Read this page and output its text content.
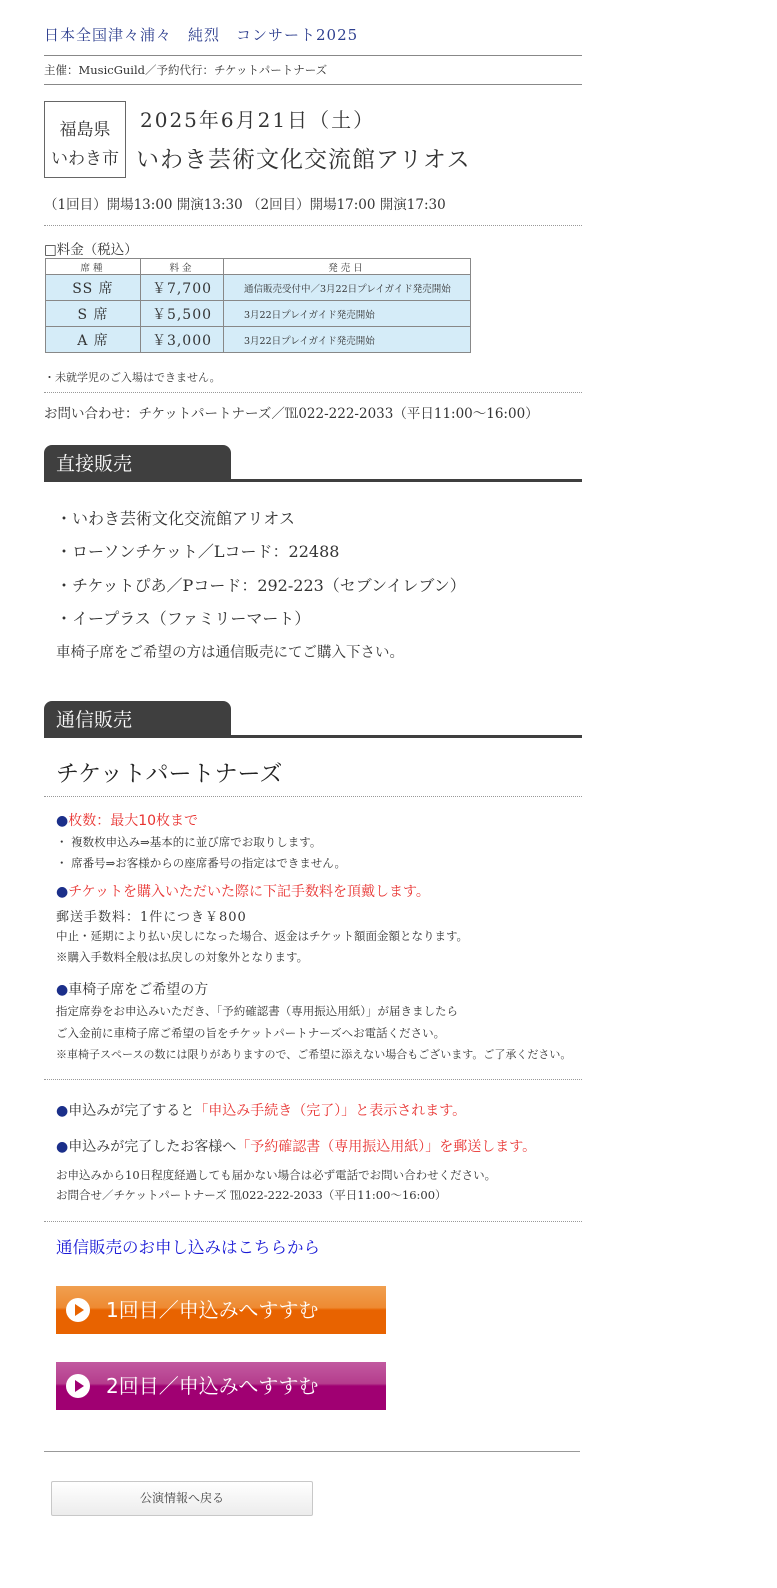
日本全国津々浦々　純烈　コンサート2025
主催：MusicGuild／予約代行：チケットパートナーズ
福島県
いわき市
2025年6月21日（土）
いわき芸術文化交流館アリオス
（1回目）開場13:00 開演13:30 （2回目）開場17:00 開演17:30
□料金（税込）
席種	料金	発売日
SS 席	￥7,700	通信販売受付中／3月22日プレイガイド発売開始
S 席	￥5,500	3月22日プレイガイド発売開始
A 席	￥3,000	3月22日プレイガイド発売開始
・未就学児のご入場はできません。
お問い合わせ：チケットパートナーズ／℡022-222-2033（平日11:00〜16:00）
直接販売
・いわき芸術文化交流館アリオス
・ローソンチケット／Lコード：22488
・チケットぴあ／Pコード：292-223（セブンイレブン）
・イープラス（ファミリーマート）
車椅子席をご希望の方は通信販売にてご購入下さい。
通信販売
チケットパートナーズ
●枚数：最大10枚まで
・ 複数枚申込み⇒基本的に並び席でお取りします。
・ 席番号⇒お客様からの座席番号の指定はできません。
●チケットを購入いただいた際に下記手数料を頂戴します。
郵送手数料：1件につき￥800
中止・延期により払い戻しになった場合、返金はチケット額面金額となります。
※購入手数料全般は払戻しの対象外となります。
●車椅子席をご希望の方
指定席券をお申込みいただき、「予約確認書（専用振込用紙）」が届きましたら
ご入金前に車椅子席ご希望の旨をチケットパートナーズへお電話ください。
※車椅子スペースの数には限りがありますので、ご希望に添えない場合もございます。ご了承ください。
●申込みが完了すると「申込み手続き（完了）」と表示されます。
●申込みが完了したお客様へ「予約確認書（専用振込用紙）」を郵送します。
お申込みから10日程度経過しても届かない場合は必ず電話でお問い合わせください。
お問合せ／チケットパートナーズ ℡022-222-2033（平日11:00〜16:00）
通信販売のお申し込みはこちらから
1回目／申込みへすすむ
2回目／申込みへすすむ
公演情報へ戻る
